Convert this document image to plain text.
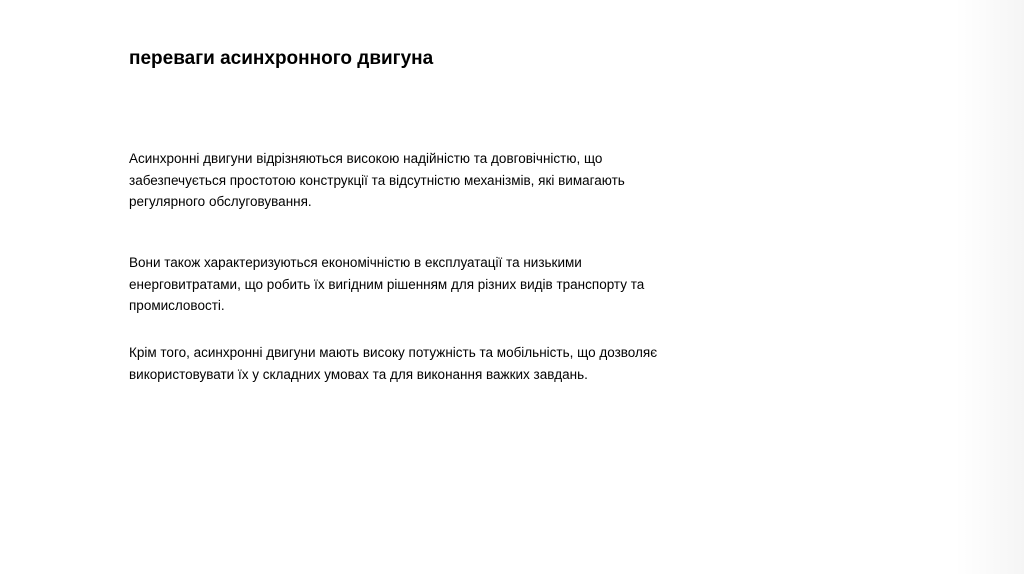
переваги асинхронного двигуна

Асинхронні двигуни відрізняються високою надійністю та довговічністю, що
забезпечується простотою конструкції та відсутністю механізмів, які вимагають
регулярного обслуговування.

Вони також характеризуються економічністю в експлуатації та низькими
енерговитратами, що робить їх вигідним рішенням для різних видів транспорту та
промисловості.

Крім того, асинхронні двигуни мають високу потужність та мобільність, що дозволяє
використовувати їх у складних умовах та для виконання важких завдань.
